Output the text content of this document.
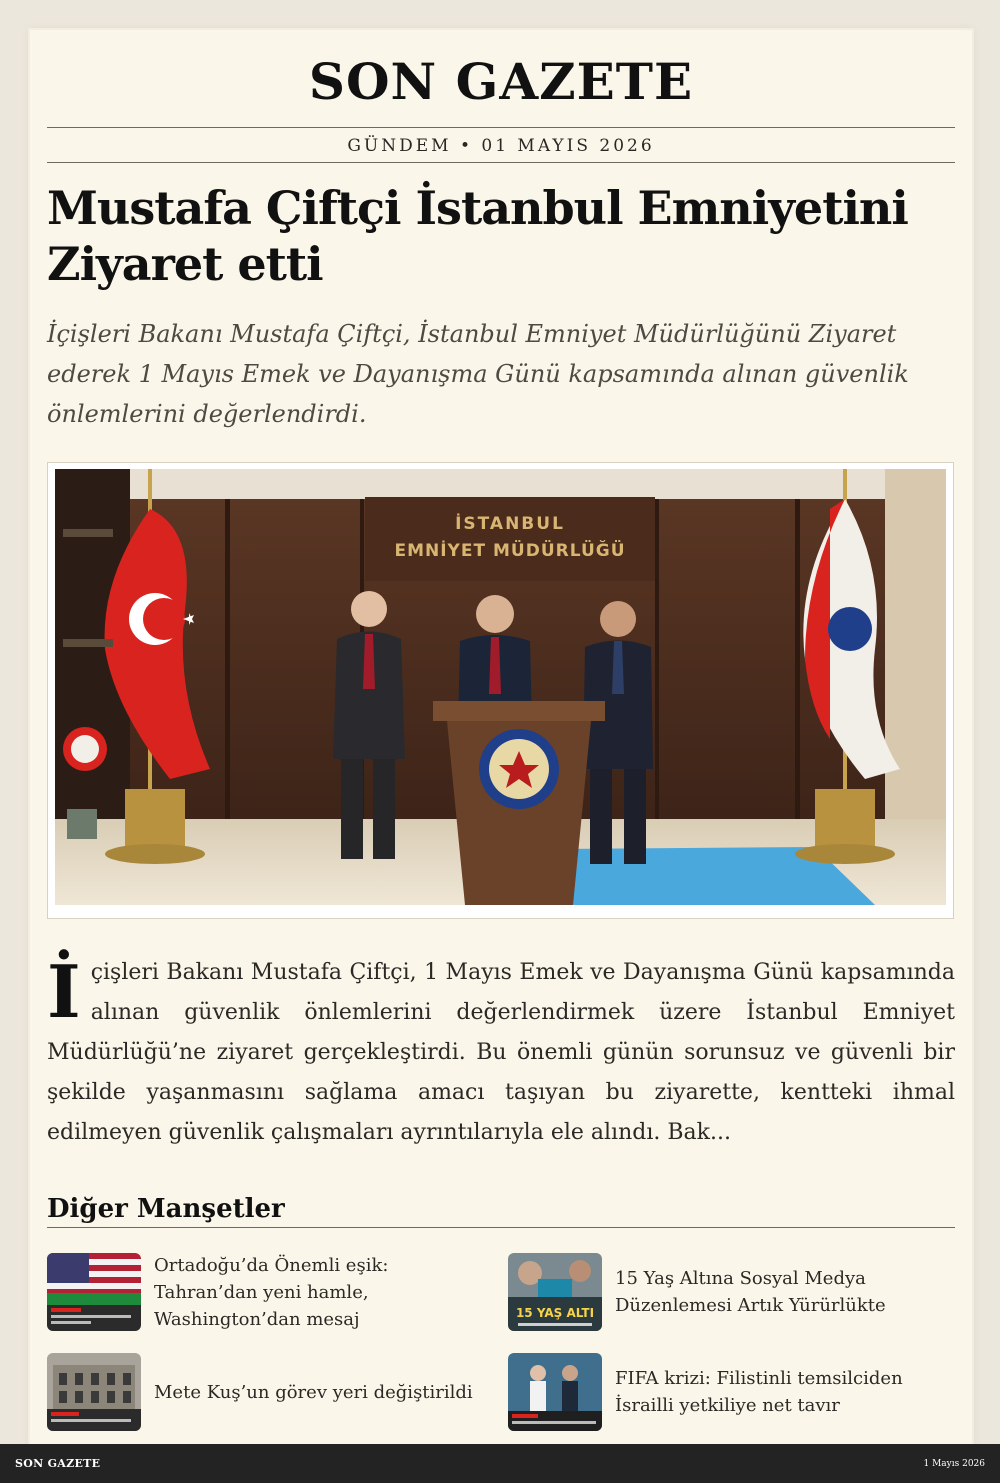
SON GAZETE
GÜNDEM • 01 MAYIS 2026
Mustafa Çiftçi İstanbul Emniyetini Ziyaret etti

İçişleri Bakanı Mustafa Çiftçi, İstanbul Emniyet Müdürlüğünü Ziyaret ederek 1 Mayıs Emek ve Dayanışma Günü kapsamında alınan güvenlik önlemlerini değerlendirdi.

İSTANBUL
EMNİYET MÜDÜRLÜĞÜ
İçişleri Bakanı Mustafa Çiftçi, 1 Mayıs Emek ve Dayanışma Günü kapsamında alınan güvenlik önlemlerini değerlendirmek üzere İstanbul Emniyet Müdürlüğü’ne ziyaret gerçekleştirdi. Bu önemli günün sorunsuz ve güvenli bir şekilde yaşanmasını sağlama amacı taşıyan bu ziyarette, kentteki ihmal edilmeyen güvenlik çalışmaları ayrıntılarıyla ele alındı. Bak...
Diğer Manşetler
Ortadoğu’da Önemli eşik: Tahran’dan yeni hamle, Washington’dan mesaj	15 YAŞ ALTI
15 Yaş Altına Sosyal Medya Düzenlemesi Artık Yürürlükte
Mete Kuş’un görev yeri değiştirildi
FIFA krizi: Filistinli temsilciden İsrailli yetkiliye net tavır
SON GAZETE	1 Mayıs 2026
